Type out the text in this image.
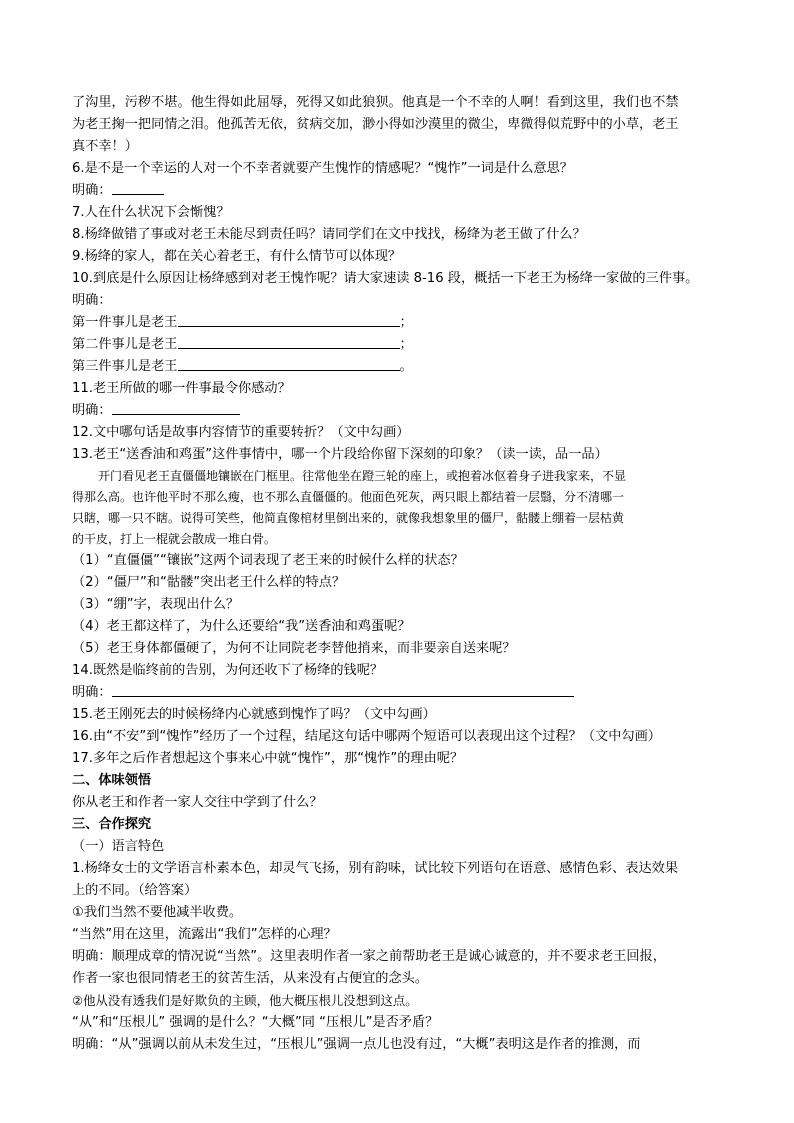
了沟里，污秽不堪。他生得如此屈辱，死得又如此狼狈。他真是一个不幸的人啊！看到这里，我们也不禁
为老王掬一把同情之泪。他孤苦无依，贫病交加，渺小得如沙漠里的微尘，卑微得似荒野中的小草，老王
真不幸！）
6.是不是一个幸运的人对一个不幸者就要产生愧怍的情感呢？“愧怍”一词是什么意思？
明确：
7.人在什么状况下会惭愧？
8.杨绛做错了事或对老王未能尽到责任吗？请同学们在文中找找，杨绛为老王做了什么？
9.杨绛的家人，都在关心着老王，有什么情节可以体现？
10.到底是什么原因让杨绛感到对老王愧怍呢？请大家速读 8-16 段，概括一下老王为杨绛一家做的三件事。
明确：
第一件事儿是老王	；
第二件事儿是老王	；
第三件事儿是老王	。
11.老王所做的哪一件事最令你感动？
明确：
12.文中哪句话是故事内容情节的重要转折？（文中勾画）
13.老王“送香油和鸡蛋”这件事情中，哪一个片段给你留下深刻的印象？（读一读，品一品）
开门看见老王直僵僵地镶嵌在门框里。往常他坐在蹬三轮的座上，或抱着冰伛着身子进我家来，不显
得那么高。也许他平时不那么瘦，也不那么直僵僵的。他面色死灰，两只眼上都结着一层翳，分不清哪一
只瞎，哪一只不瞎。说得可笑些，他简直像棺材里倒出来的，就像我想象里的僵尸，骷髅上绷着一层枯黄
的干皮，打上一棍就会散成一堆白骨。
（1）“直僵僵”“镶嵌”这两个词表现了老王来的时候什么样的状态？
（2）“僵尸”和“骷髅”突出老王什么样的特点？
（3）“绷”字，表现出什么？
（4）老王都这样了，为什么还要给“我”送香油和鸡蛋呢？
（5）老王身体都僵硬了，为何不让同院老李替他捎来，而非要亲自送来呢？
14.既然是临终前的告别，为何还收下了杨绛的钱呢？
明确：
15.老王刚死去的时候杨绛内心就感到愧怍了吗？（文中勾画）
16.由“不安”到“愧怍”经历了一个过程，结尾这句话中哪两个短语可以表现出这个过程？（文中勾画）
17.多年之后作者想起这个事来心中就“愧怍”，那“愧怍”的理由呢？
二、体味领悟
你从老王和作者一家人交往中学到了什么？
三、合作探究
（一）语言特色
1.杨绛女士的文学语言朴素本色，却灵气飞扬，别有韵味，试比较下列语句在语意、感情色彩、表达效果
上的不同。（给答案）
①我们当然不要他减半收费。
“当然”用在这里，流露出“我们”怎样的心理？
明确：顺理成章的情况说“当然”。这里表明作者一家之前帮助老王是诚心诚意的，并不要求老王回报，
作者一家也很同情老王的贫苦生活，从来没有占便宜的念头。
②他从没有透我们是好欺负的主顾，他大概压根儿没想到这点。
“从”和“压根儿” 强调的是什么？“大概”同 “压根儿”是否矛盾？
明确：“从”强调以前从未发生过，“压根儿”强调一点儿也没有过，“大概”表明这是作者的推测，而
